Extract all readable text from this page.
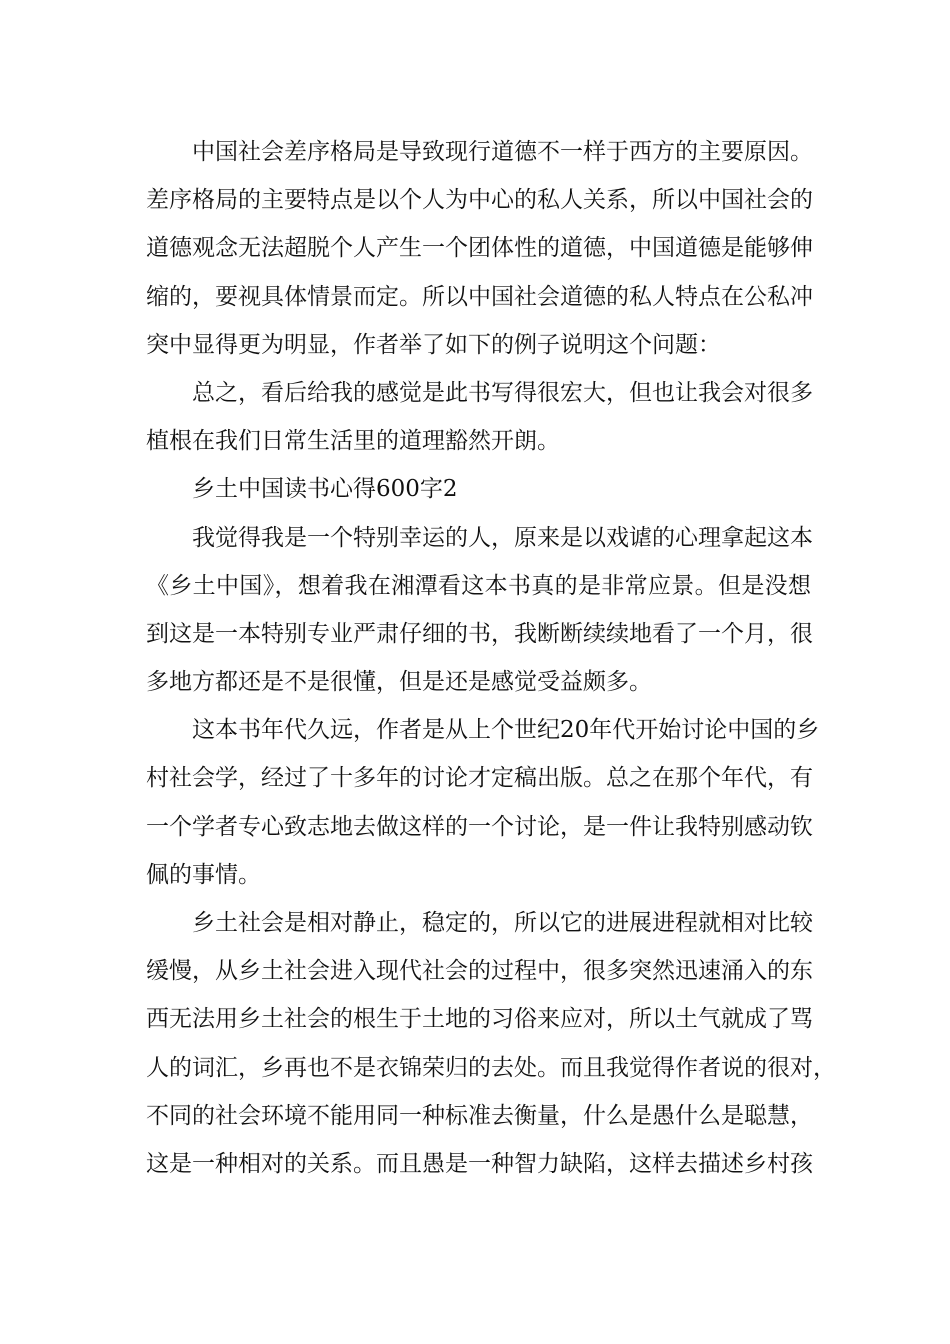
中国社会差序格局是导致现行道德不一样于西方的主要原因。
差序格局的主要特点是以个人为中心的私人关系，所以中国社会的
道德观念无法超脱个人产生一个团体性的道德，中国道德是能够伸
缩的，要视具体情景而定。所以中国社会道德的私人特点在公私冲
突中显得更为明显，作者举了如下的例子说明这个问题：
总之，看后给我的感觉是此书写得很宏大，但也让我会对很多
植根在我们日常生活里的道理豁然开朗。
乡土中国读书心得600字2
我觉得我是一个特别幸运的人，原来是以戏谑的心理拿起这本
《乡土中国》，想着我在湘潭看这本书真的是非常应景。但是没想
到这是一本特别专业严肃仔细的书，我断断续续地看了一个月，很
多地方都还是不是很懂，但是还是感觉受益颇多。
这本书年代久远，作者是从上个世纪20年代开始讨论中国的乡
村社会学，经过了十多年的讨论才定稿出版。总之在那个年代，有
一个学者专心致志地去做这样的一个讨论，是一件让我特别感动钦
佩的事情。
乡土社会是相对静止，稳定的，所以它的进展进程就相对比较
缓慢，从乡土社会进入现代社会的过程中，很多突然迅速涌入的东
西无法用乡土社会的根生于土地的习俗来应对，所以土气就成了骂
人的词汇，乡再也不是衣锦荣归的去处。而且我觉得作者说的很对，
不同的社会环境不能用同一种标准去衡量，什么是愚什么是聪慧，
这是一种相对的关系。而且愚是一种智力缺陷，这样去描述乡村孩
